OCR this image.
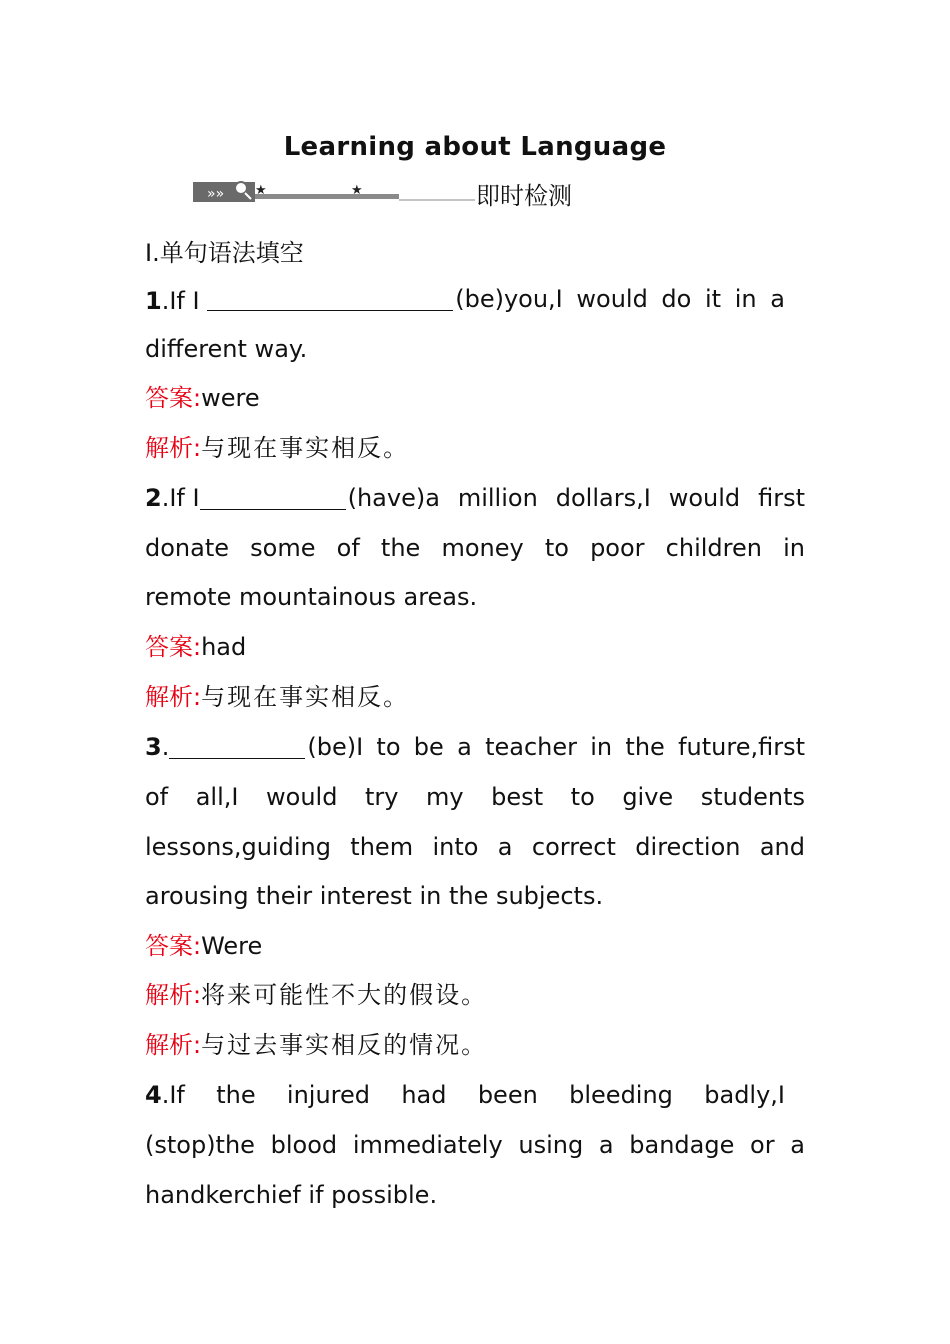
Learning about Language
»» ★	★	即时检测
Ⅰ.单句语法填空
1.If I	(be)you,I would do it in a
different way.
答案:were
解析:与现在事实相反。
2 .If I	(have)a million dollars,I would first
donate some of the money to poor children in
remote mountainous areas.
答案:had
解析:与现在事实相反。
3 .	(be)I to be a teacher in the future,first
of all,I would try my best to give students
lessons,guiding them into a correct direction and
arousing their interest in the subjects.
答案:Were
解析:将来可能性不大的假设。
解析:与过去事实相反的情况。
4 .If the injured had been bleeding badly,I
(stop)the blood immediately using a bandage or a
handkerchief if possible.
